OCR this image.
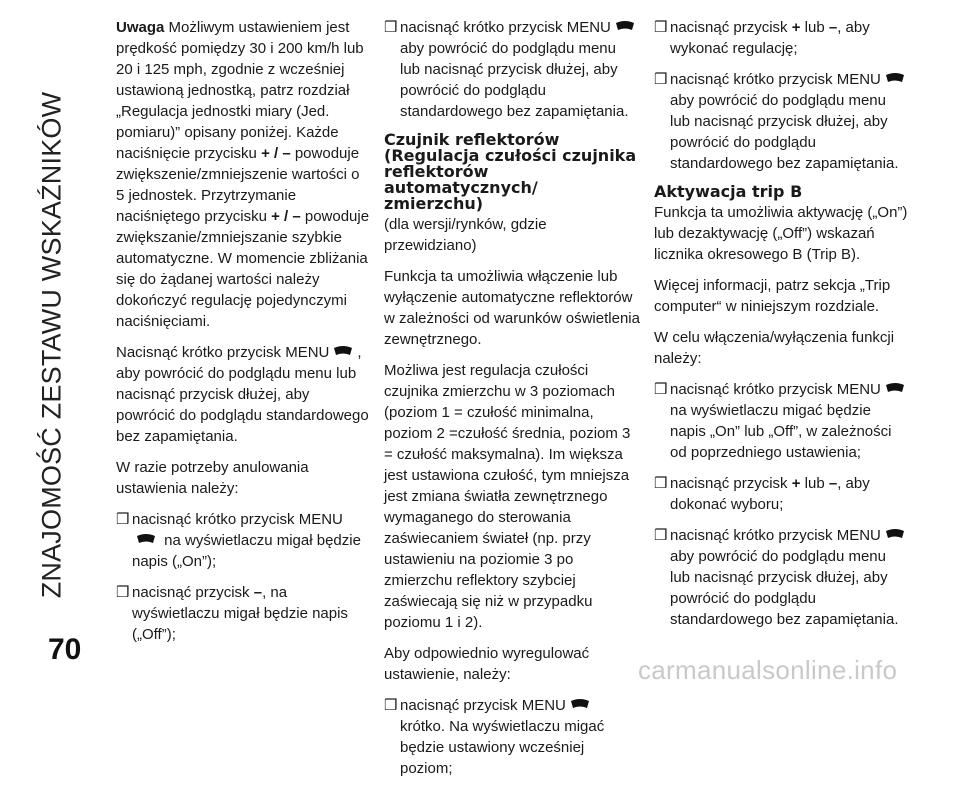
ZNAJOMOŚĆ ZESTAWU WSKAŹNIKÓW

Uwaga Możliwym ustawieniem jest prędkość pomiędzy 30 i 200 km/h lub 20 i 125 mph, zgodnie z wcześniej ustawioną jednostką, patrz rozdział „Regulacja jednostki miary (Jed. pomiaru)” opisany poniżej. Każde naciśnięcie przycisku + / – powoduje zwiększenie/zmniejszenie wartości o 5 jednostek. Przytrzymanie naciśniętego przycisku + / – powoduje zwiększanie/zmniejszanie szybkie automatyczne. W momencie zbliżania się do żądanej wartości należy dokończyć regulację pojedynczymi naciśnięciami.

Nacisnąć krótko przycisk MENU , aby powrócić do podglądu menu lub nacisnąć przycisk dłużej, aby powrócić do podglądu standardowego bez zapamiętania.

W razie potrzeby anulowania ustawienia należy:

❒ nacisnąć krótko przycisk MENU
na wyświetlaczu migał będzie napis („On”);

❒ nacisnąć przycisk –, na wyświetlaczu migał będzie napis („Off”);

❒ nacisnąć krótko przycisk MENU
aby powrócić do podglądu menu lub nacisnąć przycisk dłużej, aby powrócić do podglądu standardowego bez zapamiętania.

Czujnik reflektorów (Regulacja czułości czujnika reflektorów automatycznych/ zmierzchu)

(dla wersji/rynków, gdzie przewidziano)

Funkcja ta umożliwia włączenie lub wyłączenie automatyczne reflektorów w zależności od warunków oświetlenia zewnętrznego.

Możliwa jest regulacja czułości czujnika zmierzchu w 3 poziomach (poziom 1 = czułość minimalna, poziom 2 =czułość średnia, poziom 3 = czułość maksymalna). Im większa jest ustawiona czułość, tym mniejsza jest zmiana światła zewnętrznego wymaganego do sterowania zaświecaniem świateł (np. przy ustawieniu na poziomie 3 po zmierzchu reflektory szybciej zaświecają się niż w przypadku poziomu 1 i 2).

Aby odpowiednio wyregulować ustawienie, należy:

❒ nacisnąć przycisk MENU
krótko. Na wyświetlaczu migać będzie ustawiony wcześniej poziom;

❒ nacisnąć przycisk + lub –, aby wykonać regulację;

❒ nacisnąć krótko przycisk MENU
aby powrócić do podglądu menu lub nacisnąć przycisk dłużej, aby powrócić do podglądu standardowego bez zapamiętania.

Aktywacja trip B

Funkcja ta umożliwia aktywację („On”) lub dezaktywację („Off”) wskazań licznika okresowego B (Trip B).

Więcej informacji, patrz sekcja „Trip computer“ w niniejszym rozdziale.

W celu włączenia/wyłączenia funkcji należy:

❒ nacisnąć krótko przycisk MENU
na wyświetlaczu migać będzie napis „On” lub „Off”, w zależności od poprzedniego ustawienia;

❒ nacisnąć przycisk + lub –, aby dokonać wyboru;

❒ nacisnąć krótko przycisk MENU
aby powrócić do podglądu menu lub nacisnąć przycisk dłużej, aby powrócić do podglądu standardowego bez zapamiętania.

70
carmanualsonline.info
